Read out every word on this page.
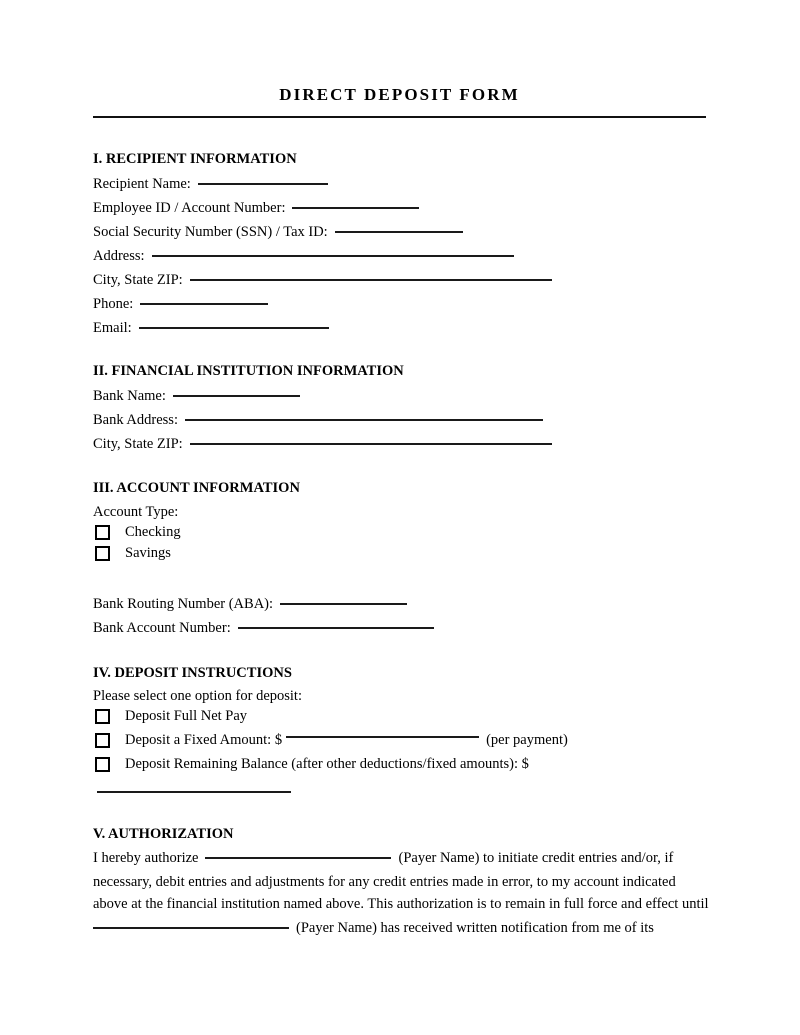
DIRECT DEPOSIT FORM
I. RECIPIENT INFORMATION
Recipient Name:
Employee ID / Account Number:
Social Security Number (SSN) / Tax ID:
Address:
City, State ZIP:
Phone:
Email:
II. FINANCIAL INSTITUTION INFORMATION
Bank Name:
Bank Address:
City, State ZIP:
III. ACCOUNT INFORMATION
Account Type:
Checking
Savings
Bank Routing Number (ABA):
Bank Account Number:
IV. DEPOSIT INSTRUCTIONS
Please select one option for deposit:
Deposit Full Net Pay
Deposit a Fixed Amount: $	(per payment)
Deposit Remaining Balance (after other deductions/fixed amounts): $
V. AUTHORIZATION
I hereby authorize	(Payer Name) to initiate credit entries and/or, if
necessary, debit entries and adjustments for any credit entries made in error, to my account indicated
above at the financial institution named above. This authorization is to remain in full force and effect until
(Payer Name) has received written notification from me of its
